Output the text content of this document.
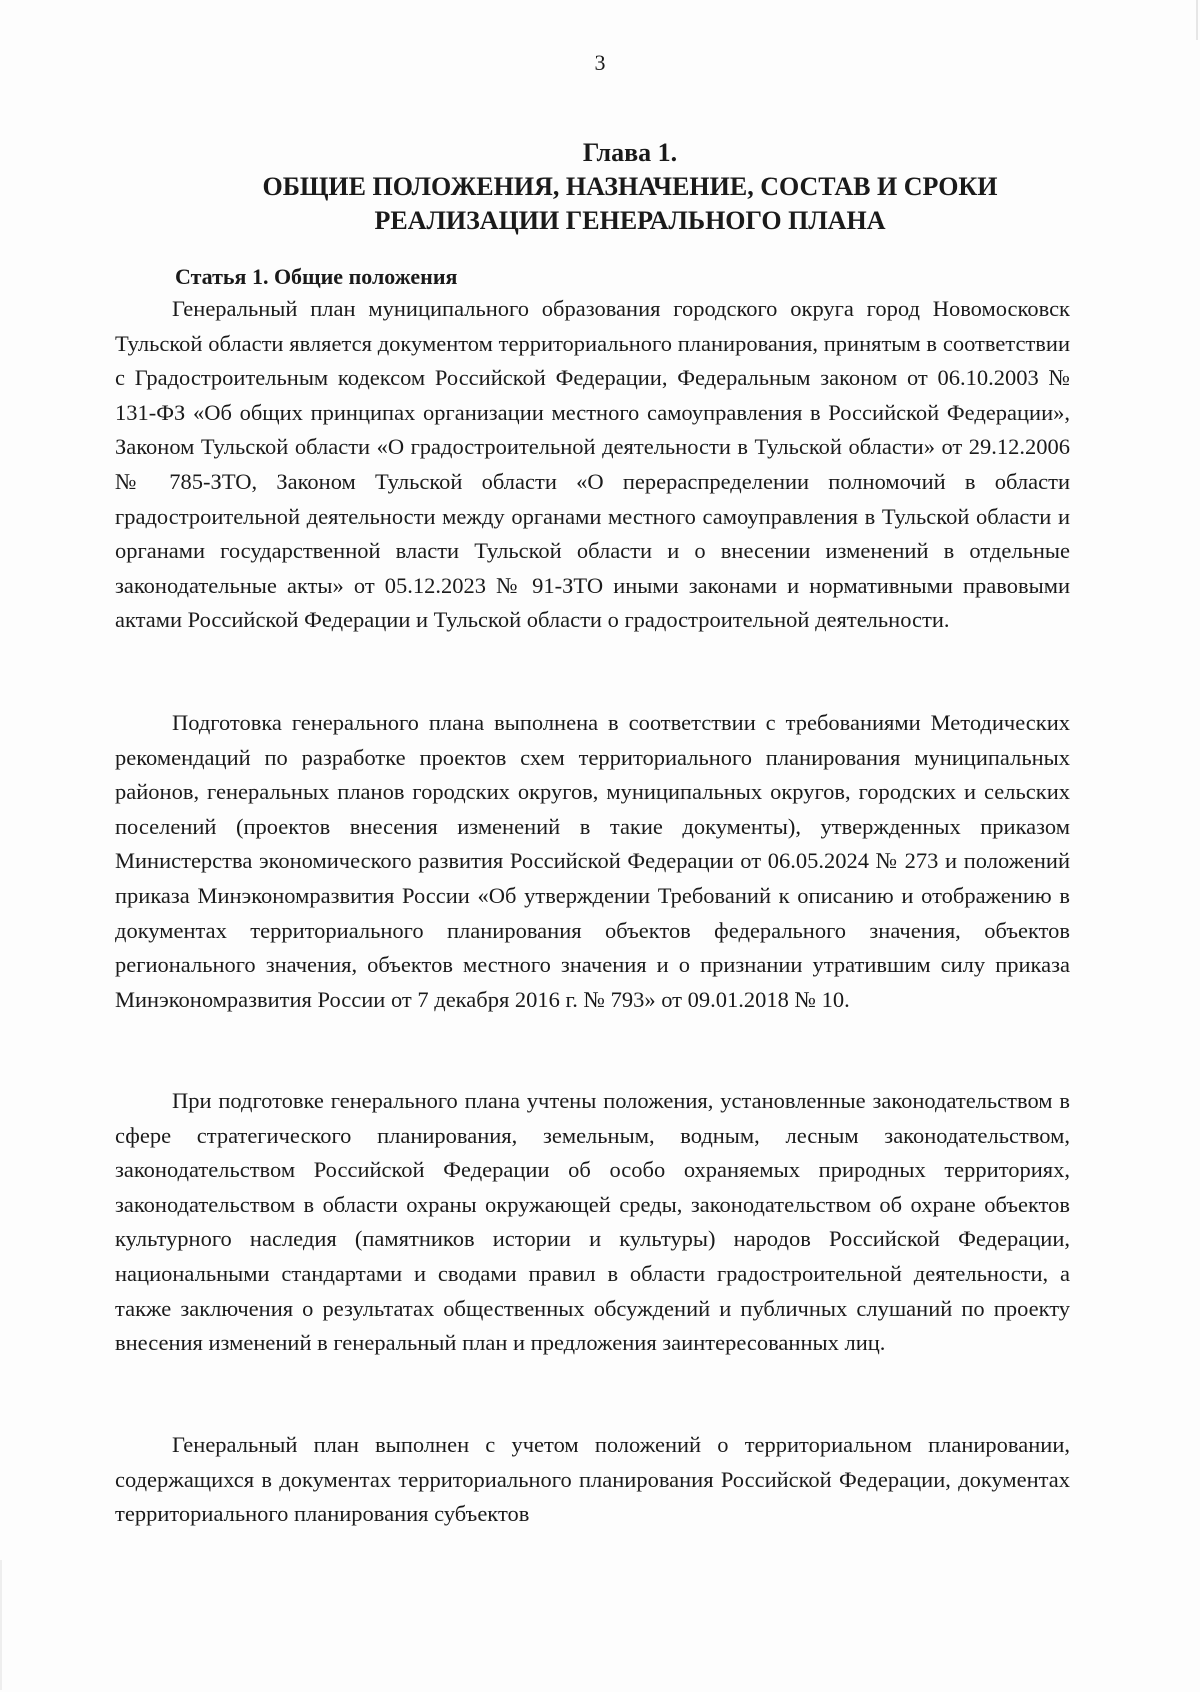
3
Глава 1.
ОБЩИЕ ПОЛОЖЕНИЯ, НАЗНАЧЕНИЕ, СОСТАВ И СРОКИ
РЕАЛИЗАЦИИ ГЕНЕРАЛЬНОГО ПЛАНА
Статья 1. Общие положения

Генеральный план муниципального образования городского округа город Новомосковск Тульской области является документом территориального планирования, принятым в соответствии с Градостроительным кодексом Российской Федерации, Федеральным законом от 06.10.2003 № 131-ФЗ «Об общих принципах организации местного самоуправления в Российской Федерации», Законом Тульской области «О градостроительной деятельности в Тульской области» от 29.12.2006 № 785-ЗТО, Законом Тульской области «О перераспределении полномочий в области градостроительной деятельности между органами местного самоуправления в Тульской области и органами государственной власти Тульской области и о внесении изменений в отдельные законодательные акты» от 05.12.2023 № 91-ЗТО иными законами и нормативными правовыми актами Российской Федерации и Тульской области о градостроительной деятельности.

Подготовка генерального плана выполнена в соответствии с требованиями Методических рекомендаций по разработке проектов схем территориального планирования муниципальных районов, генеральных планов городских округов, муниципальных округов, городских и сельских поселений (проектов внесения изменений в такие документы), утвержденных приказом Министерства экономического развития Российской Федерации от 06.05.2024 № 273 и положений приказа Минэкономразвития России «Об утверждении Требований к описанию и отображению в документах территориального планирования объектов федерального значения, объектов регионального значения, объектов местного значения и о признании утратившим силу приказа Минэкономразвития России от 7 декабря 2016 г. № 793» от 09.01.2018 № 10.

При подготовке генерального плана учтены положения, установленные законодательством в сфере стратегического планирования, земельным, водным, лесным законодательством, законодательством Российской Федерации об особо охраняемых природных территориях, законодательством в области охраны окружающей среды, законодательством об охране объектов культурного наследия (памятников истории и культуры) народов Российской Федерации, национальными стандартами и сводами правил в области градостроительной деятельности, а также заключения о результатах общественных обсуждений и публичных слушаний по проекту внесения изменений в генеральный план и предложения заинтересованных лиц.

Генеральный план выполнен с учетом положений о территориальном планировании, содержащихся в документах территориального планирования Российской Федерации, документах территориального планирования субъектов
